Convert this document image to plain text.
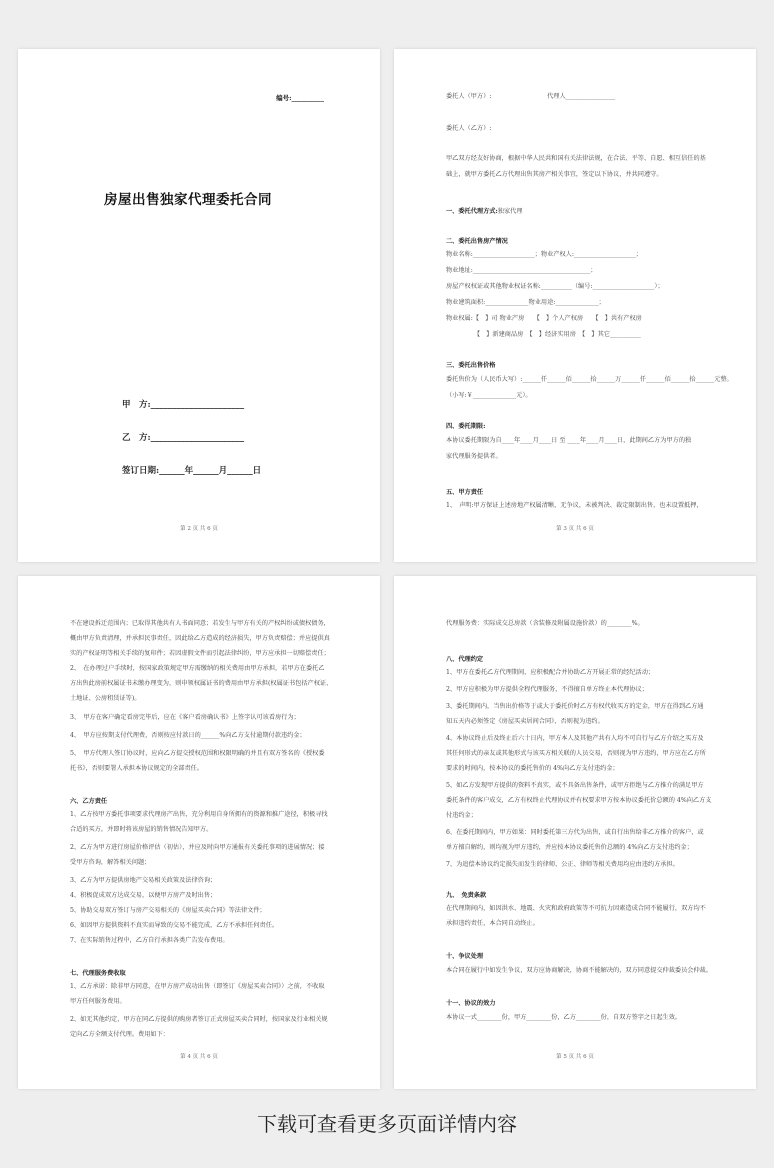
编号:__________
房屋出售独家代理委托合同
甲　方:______________________
乙　方:______________________
签订日期:______年______月______日
第 2 页 共 6 页
委托人（甲方）:　　　　　　　　　代理人________________
委托人（乙方）:
甲乙双方经友好协商，根据中华人民共和国有关法律法规，在合法、平等、自愿、相互信任的基
础上，就甲方委托乙方代理出售其房产相关事宜，签定以下协议，并共同遵守。
一、委托代理方式:独家代理
二、委托出售房产情况
三、委托出售价格
四、委托期限:
五、甲方责任
物业名称:____________________；物业产权人:____________________；
物业地址:______________________________________；
房屋产权权证或其他物业权证名称:__________（编号:____________________）；
物业建筑面积:______________物业用途:______________；
物业权属:【　】司 物业产房　　【　】个人产权房　　【　】共有产权房
　　　　　【　】新建商品房　【　】经济实用房　【　】其它__________
委托售价为（人民币大写）:______仟______佰______拾______万______仟______佰______拾______元整。
（小写:￥______________元）。
本协议委托期限为自____年____月____日 至 ____年____月____日，此期间乙方为甲方的独
家代理服务提供者。
1、　声明:甲方保证上述房地产权属清晰，无争议，未被判决、裁定限制出售，也未设置抵押，
第 3 页 共 6 页
不在建设拆迁范围内；已取得其他共有人书面同意；若发生与甲方有关的产权纠纷或债权债务，
概由甲方负责清理，并承担民事责任，因此给乙方造成的经济损失，甲方负责赔偿；并应提供真
实的产权证明等相关手续的复印件；若因虚假文件而引起法律纠纷，甲方应承担一切赔偿责任；
2、　在办理过户手续时，按国家政策规定甲方需缴纳的相关费用由甲方承担，若甲方在委托乙
方出售此房前权属证书未缴办理变为，则申领权属证书的费用由甲方承担(权属证书包括产权证、
土地证、公房租赁证等)。
3、　甲方在客户确定看房完毕后，应在《客户看房确认书》上签字认可该看房行为；
4、　甲方应按期支付代理费，否则按应付款日的______%向乙方支付逾期付款违约金；
5、　甲方代理人签订协议时，应向乙方提交授权范围和权限明确的并且有双方签名的《授权委
托书》，否则要署人承担本协议规定的全部责任。
六、乙方责任
七、代理服务费收取
1、乙方按甲方委托事项要求代理房产出售，充分利用自身所拥有的资源和推广途径，积极寻找
合适的买方，并即时将该房屋的销售情况告知甲方。
2、乙方为甲方进行房屋价格评估（初估），并应及时向甲方通报有关委托事项的进展情况；接
受甲方咨询，解答相关问题；
3、乙方为甲方提供房地产交易相关政策及法律咨询；
4、积极促成双方达成交易，以便甲方房产及时出售；
5、协助交易双方签订与房产交易相关的《房屋买卖合同》等法律文件；
6、如因甲方提供资料不真实而导致的交易不能完成，乙方不承担任何责任。
7、在实际销售过程中，乙方自行承担各类广告发布费用。
1、乙方承诺：除非甲方同意，在甲方房产成功出售（即签订《房屋买卖合同》）之前，不收取
甲方任何服务费用。
2、如无其他约定，甲方在同乙方提供的购房者签订正式房屋买卖合同时，按国家及行业相关规
定向乙方全额支付代理。费用如下：
第 4 页 共 6 页
代理服务费：实际成交总房款（含装修及附属设施价款）的________%。
八、代理约定
九、　免责条款
十、争议处理
十一、协议的效力
1、甲方在委托乙方代理期间，应积极配合并协助乙方开展正常的经纪活动；
2、甲方应积极为甲方提供全程代理服务，不得擅自单方终止本代理协议；
3、委托期间内，当售出价格等于或大于委托价时乙方有权代收买方的定金，甲方在得到乙方通
知五天内必须签定《房屋买卖居间合同》，否则视为违约。
4、本协议终止后及终止后六十日内，甲方本人及其他产共有人均不可自行与乙方介绍之买方及
其任何形式的亲友或其他形式与该买方相关联的人员交易，否则视为甲方违约，甲方应在乙方所
要求的时间内，按本协议的委托售价的 4%向乙方支付违约金；
5、如乙方发现甲方提供的资料不真实，或不具备出售条件，或甲方拒绝与乙方推介的满足甲方
委托条件的客户成交，乙方有权终止代理协议并有权要求甲方按本协议委托价总额的 4%向乙方支
付违约金；
6、在委托期间内，甲方如果：同时委托第三方代为出售，或自行出售给非乙方推介的客户，或
单方擅自解约，则均视为甲方违约，并应按本协议委托售价总额的 4%向乙方支付违约金；
7、为追偿本协议约定损失而发生的律师、公正、律师等相关费用均应由违约方承担。
在代理期间内，如因洪水、地震、火灾和政府政策等不可抗力因素造成合同不能履行，双方均不
承担违约责任，本合同自动终止。
本合同在履行中如发生争议，双方应协商解决，协商不能解决的，双方同意提交仲裁委员会仲裁。
本协议一式________份，甲方________份，乙方________份，自双方签字之日起生效。
第 5 页 共 6 页
下载可查看更多页面详情内容
